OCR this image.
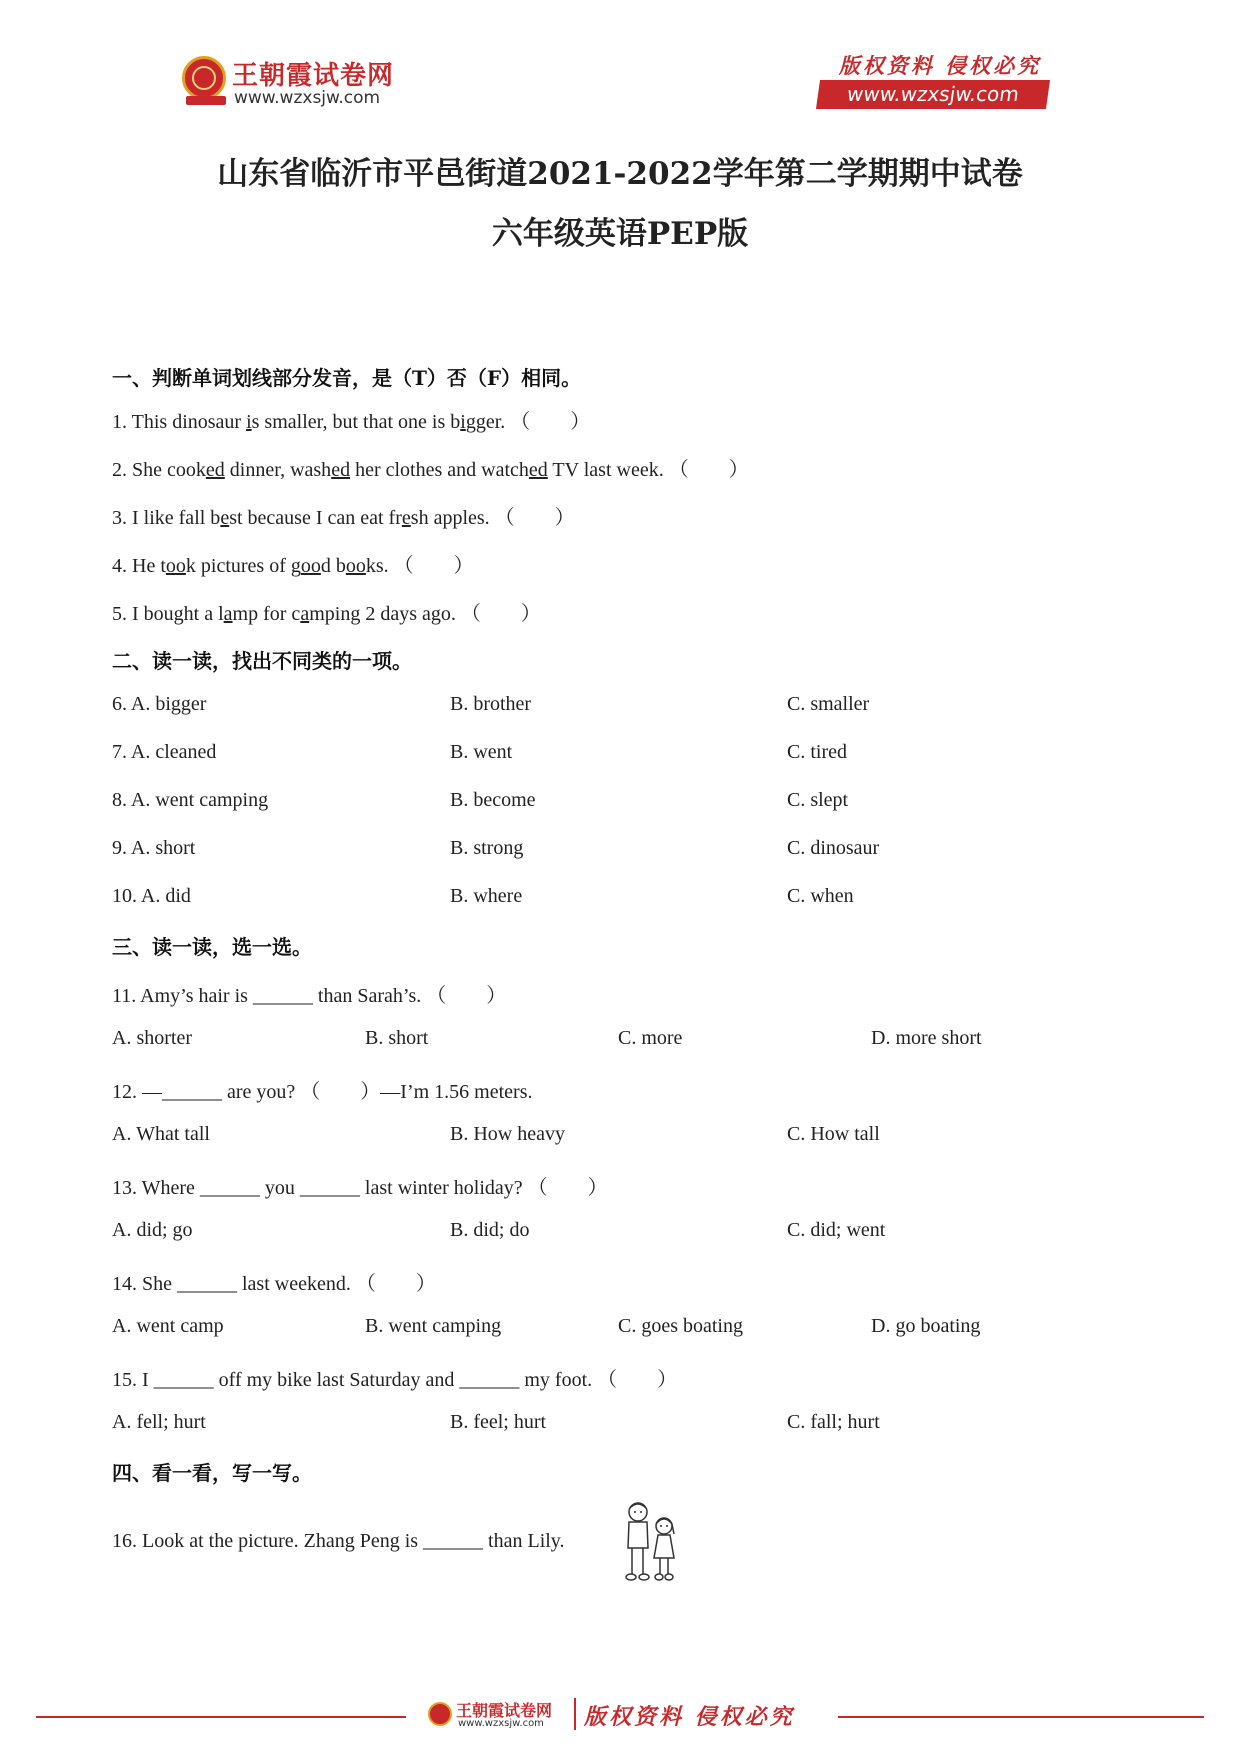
王朝霞试卷网
www.wzxsjw.com
版权资料 侵权必究
www.wzxsjw.com
山东省临沂市平邑街道2021-2022学年第二学期期中试卷
六年级英语PEP版
一、判断单词划线部分发音，是（T）否（F）相同。
1. This dinosaur is smaller, but that one is bigger. （　　）
2. She cooked dinner, washed her clothes and watched TV last week. （　　）
3. I like fall best because I can eat fresh apples. （　　）
4. He took pictures of good books. （　　）
5. I bought a lamp for camping 2 days ago. （　　）
二、读一读，找出不同类的一项。
6. A. bigger	B. brother	C. smaller
7. A. cleaned	B. went	C. tired
8. A. went camping	B. become	C. slept
9. A. short	B. strong	C. dinosaur
10. A. did	B. where	C. when
三、读一读，选一选。
11. Amy’s hair is ______ than Sarah’s. （　　）
A. shorter	B. short	C. more	D. more short
12. —______ are you? （　　）—I’m 1.56 meters.
A. What tall	B. How heavy	C. How tall
13. Where ______ you ______ last winter holiday? （　　）
A. did; go	B. did; do	C. did; went
14. She ______ last weekend. （　　）
A. went camp	B. went camping	C. goes boating	D. go boating
15. I ______ off my bike last Saturday and ______ my foot. （　　）
A. fell; hurt	B. feel; hurt	C. fall; hurt
四、看一看，写一写。
16. Look at the picture. Zhang Peng is ______ than Lily.
王朝霞试卷网
www.wzxsjw.com 版权资料 侵权必究
